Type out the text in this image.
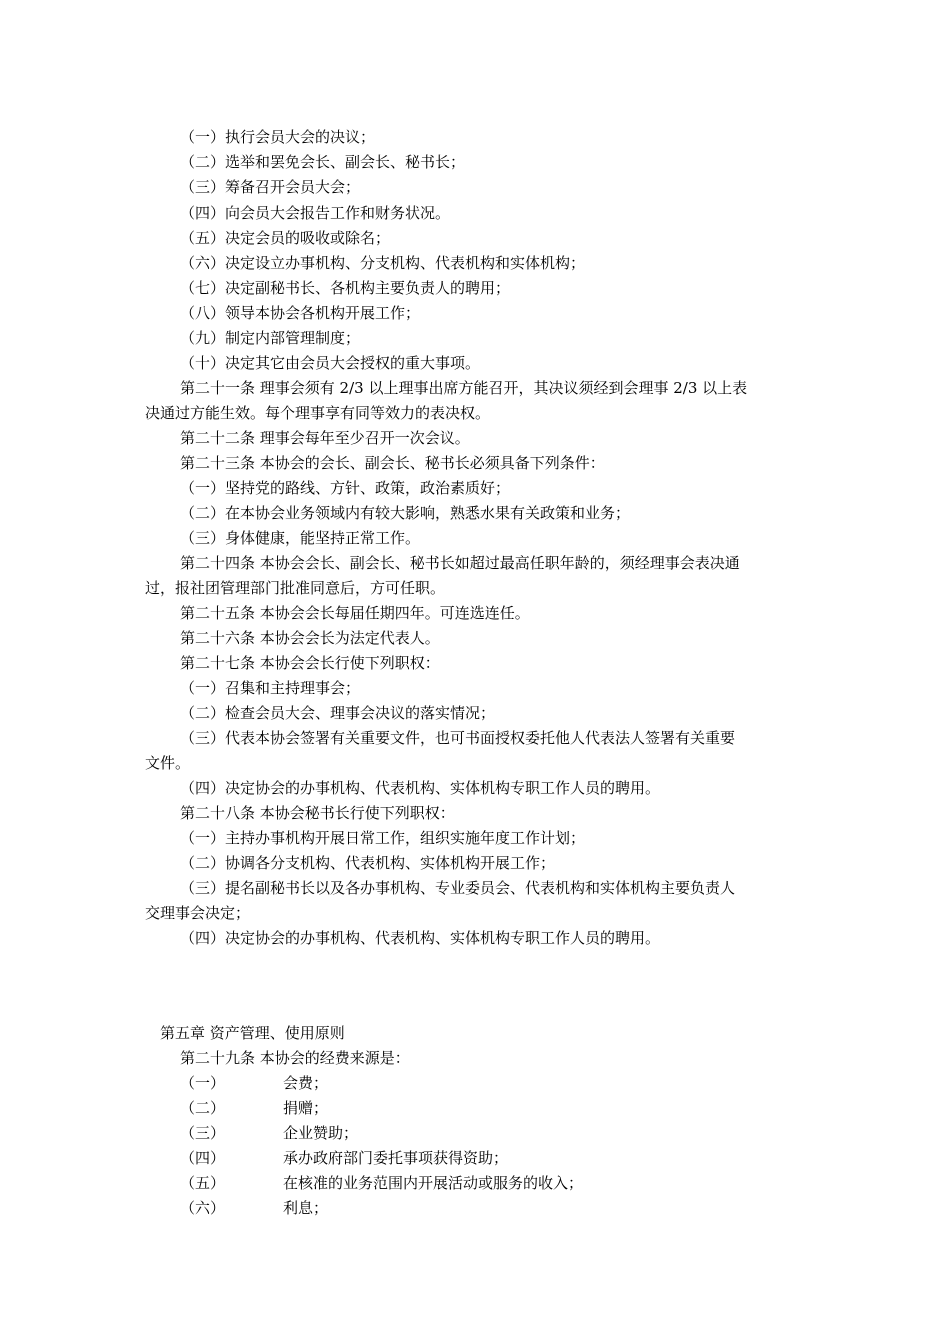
（一）执行会员大会的决议；
（二）选举和罢免会长、副会长、秘书长；
（三）筹备召开会员大会；
（四）向会员大会报告工作和财务状况。
（五）决定会员的吸收或除名；
（六）决定设立办事机构、分支机构、代表机构和实体机构；
（七）决定副秘书长、各机构主要负责人的聘用；
（八）领导本协会各机构开展工作；
（九）制定内部管理制度；
（十）决定其它由会员大会授权的重大事项。
第二十一条 理事会须有 2/3 以上理事出席方能召开，其决议须经到会理事 2/3 以上表
决通过方能生效。每个理事享有同等效力的表决权。
第二十二条 理事会每年至少召开一次会议。
第二十三条 本协会的会长、副会长、秘书长必须具备下列条件：
（一）坚持党的路线、方针、政策，政治素质好；
（二）在本协会业务领域内有较大影响，熟悉水果有关政策和业务；
（三）身体健康，能坚持正常工作。
第二十四条 本协会会长、副会长、秘书长如超过最高任职年龄的，须经理事会表决通
过，报社团管理部门批准同意后，方可任职。
第二十五条 本协会会长每届任期四年。可连选连任。
第二十六条 本协会会长为法定代表人。
第二十七条 本协会会长行使下列职权：
（一）召集和主持理事会；
（二）检查会员大会、理事会决议的落实情况；
（三）代表本协会签署有关重要文件，也可书面授权委托他人代表法人签署有关重要
文件。
（四）决定协会的办事机构、代表机构、实体机构专职工作人员的聘用。
第二十八条 本协会秘书长行使下列职权：
（一）主持办事机构开展日常工作，组织实施年度工作计划；
（二）协调各分支机构、代表机构、实体机构开展工作；
（三）提名副秘书长以及各办事机构、专业委员会、代表机构和实体机构主要负责人
交理事会决定；
（四）决定协会的办事机构、代表机构、实体机构专职工作人员的聘用。
第五章 资产管理、使用原则
第二十九条 本协会的经费来源是：
（一）	会费；
（二）	捐赠；
（三）	企业赞助；
（四）	承办政府部门委托事项获得资助；
（五）	在核准的业务范围内开展活动或服务的收入；
（六）	利息；
